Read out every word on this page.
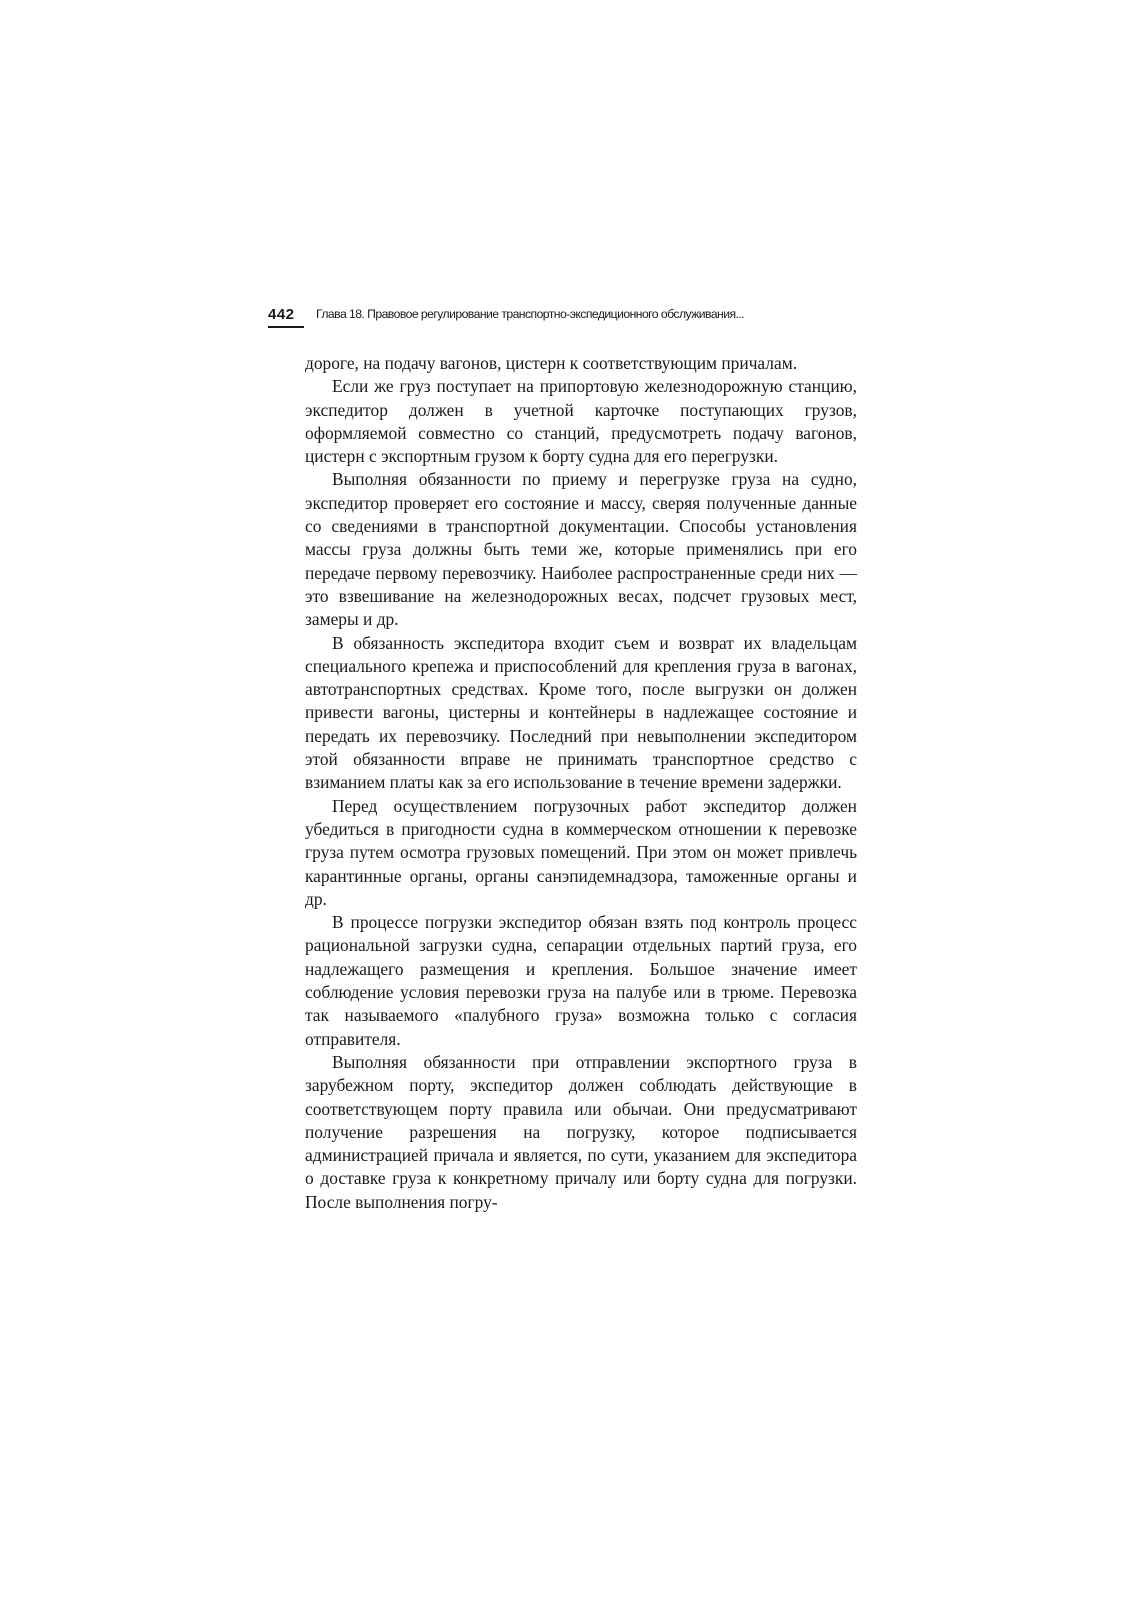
442 Глава 18. Правовое регулирование транспортно-экспедиционного обслуживания...

дороге, на подачу вагонов, цистерн к соответствующим причалам.

Если же груз поступает на припортовую железнодорожную станцию, экспедитор должен в учетной карточке поступающих грузов, оформляемой совместно со станций, предусмотреть подачу вагонов, цистерн с экспортным грузом к борту судна для его перегрузки.

Выполняя обязанности по приему и перегрузке груза на судно, экспедитор проверяет его состояние и массу, сверяя полученные данные со сведениями в транспортной документации. Способы установления массы груза должны быть теми же, которые применялись при его передаче первому перевозчику. Наиболее распространенные среди них — это взвешивание на железнодорожных весах, подсчет грузовых мест, замеры и др.

В обязанность экспедитора входит съем и возврат их владельцам специального крепежа и приспособлений для крепления груза в вагонах, автотранспортных средствах. Кроме того, после выгрузки он должен привести вагоны, цистерны и контейнеры в надлежащее состояние и передать их перевозчику. Последний при невыполнении экспедитором этой обязанности вправе не принимать транспортное средство с взиманием платы как за его использование в течение времени задержки.

Перед осуществлением погрузочных работ экспедитор должен убедиться в пригодности судна в коммерческом отношении к перевозке груза путем осмотра грузовых помещений. При этом он может привлечь карантинные органы, органы санэпидемнадзора, таможенные органы и др.

В процессе погрузки экспедитор обязан взять под контроль процесс рациональной загрузки судна, сепарации отдельных партий груза, его надлежащего размещения и крепления. Большое значение имеет соблюдение условия перевозки груза на палубе или в трюме. Перевозка так называемого «палубного груза» возможна только с согласия отправителя.

Выполняя обязанности при отправлении экспортного груза в зарубежном порту, экспедитор должен соблюдать действующие в соответствующем порту правила или обычаи. Они предусматривают получение разрешения на погрузку, которое подписывается администрацией причала и является, по сути, указанием для экспедитора о доставке груза к конкретному причалу или борту судна для погрузки. После выполнения погру-
